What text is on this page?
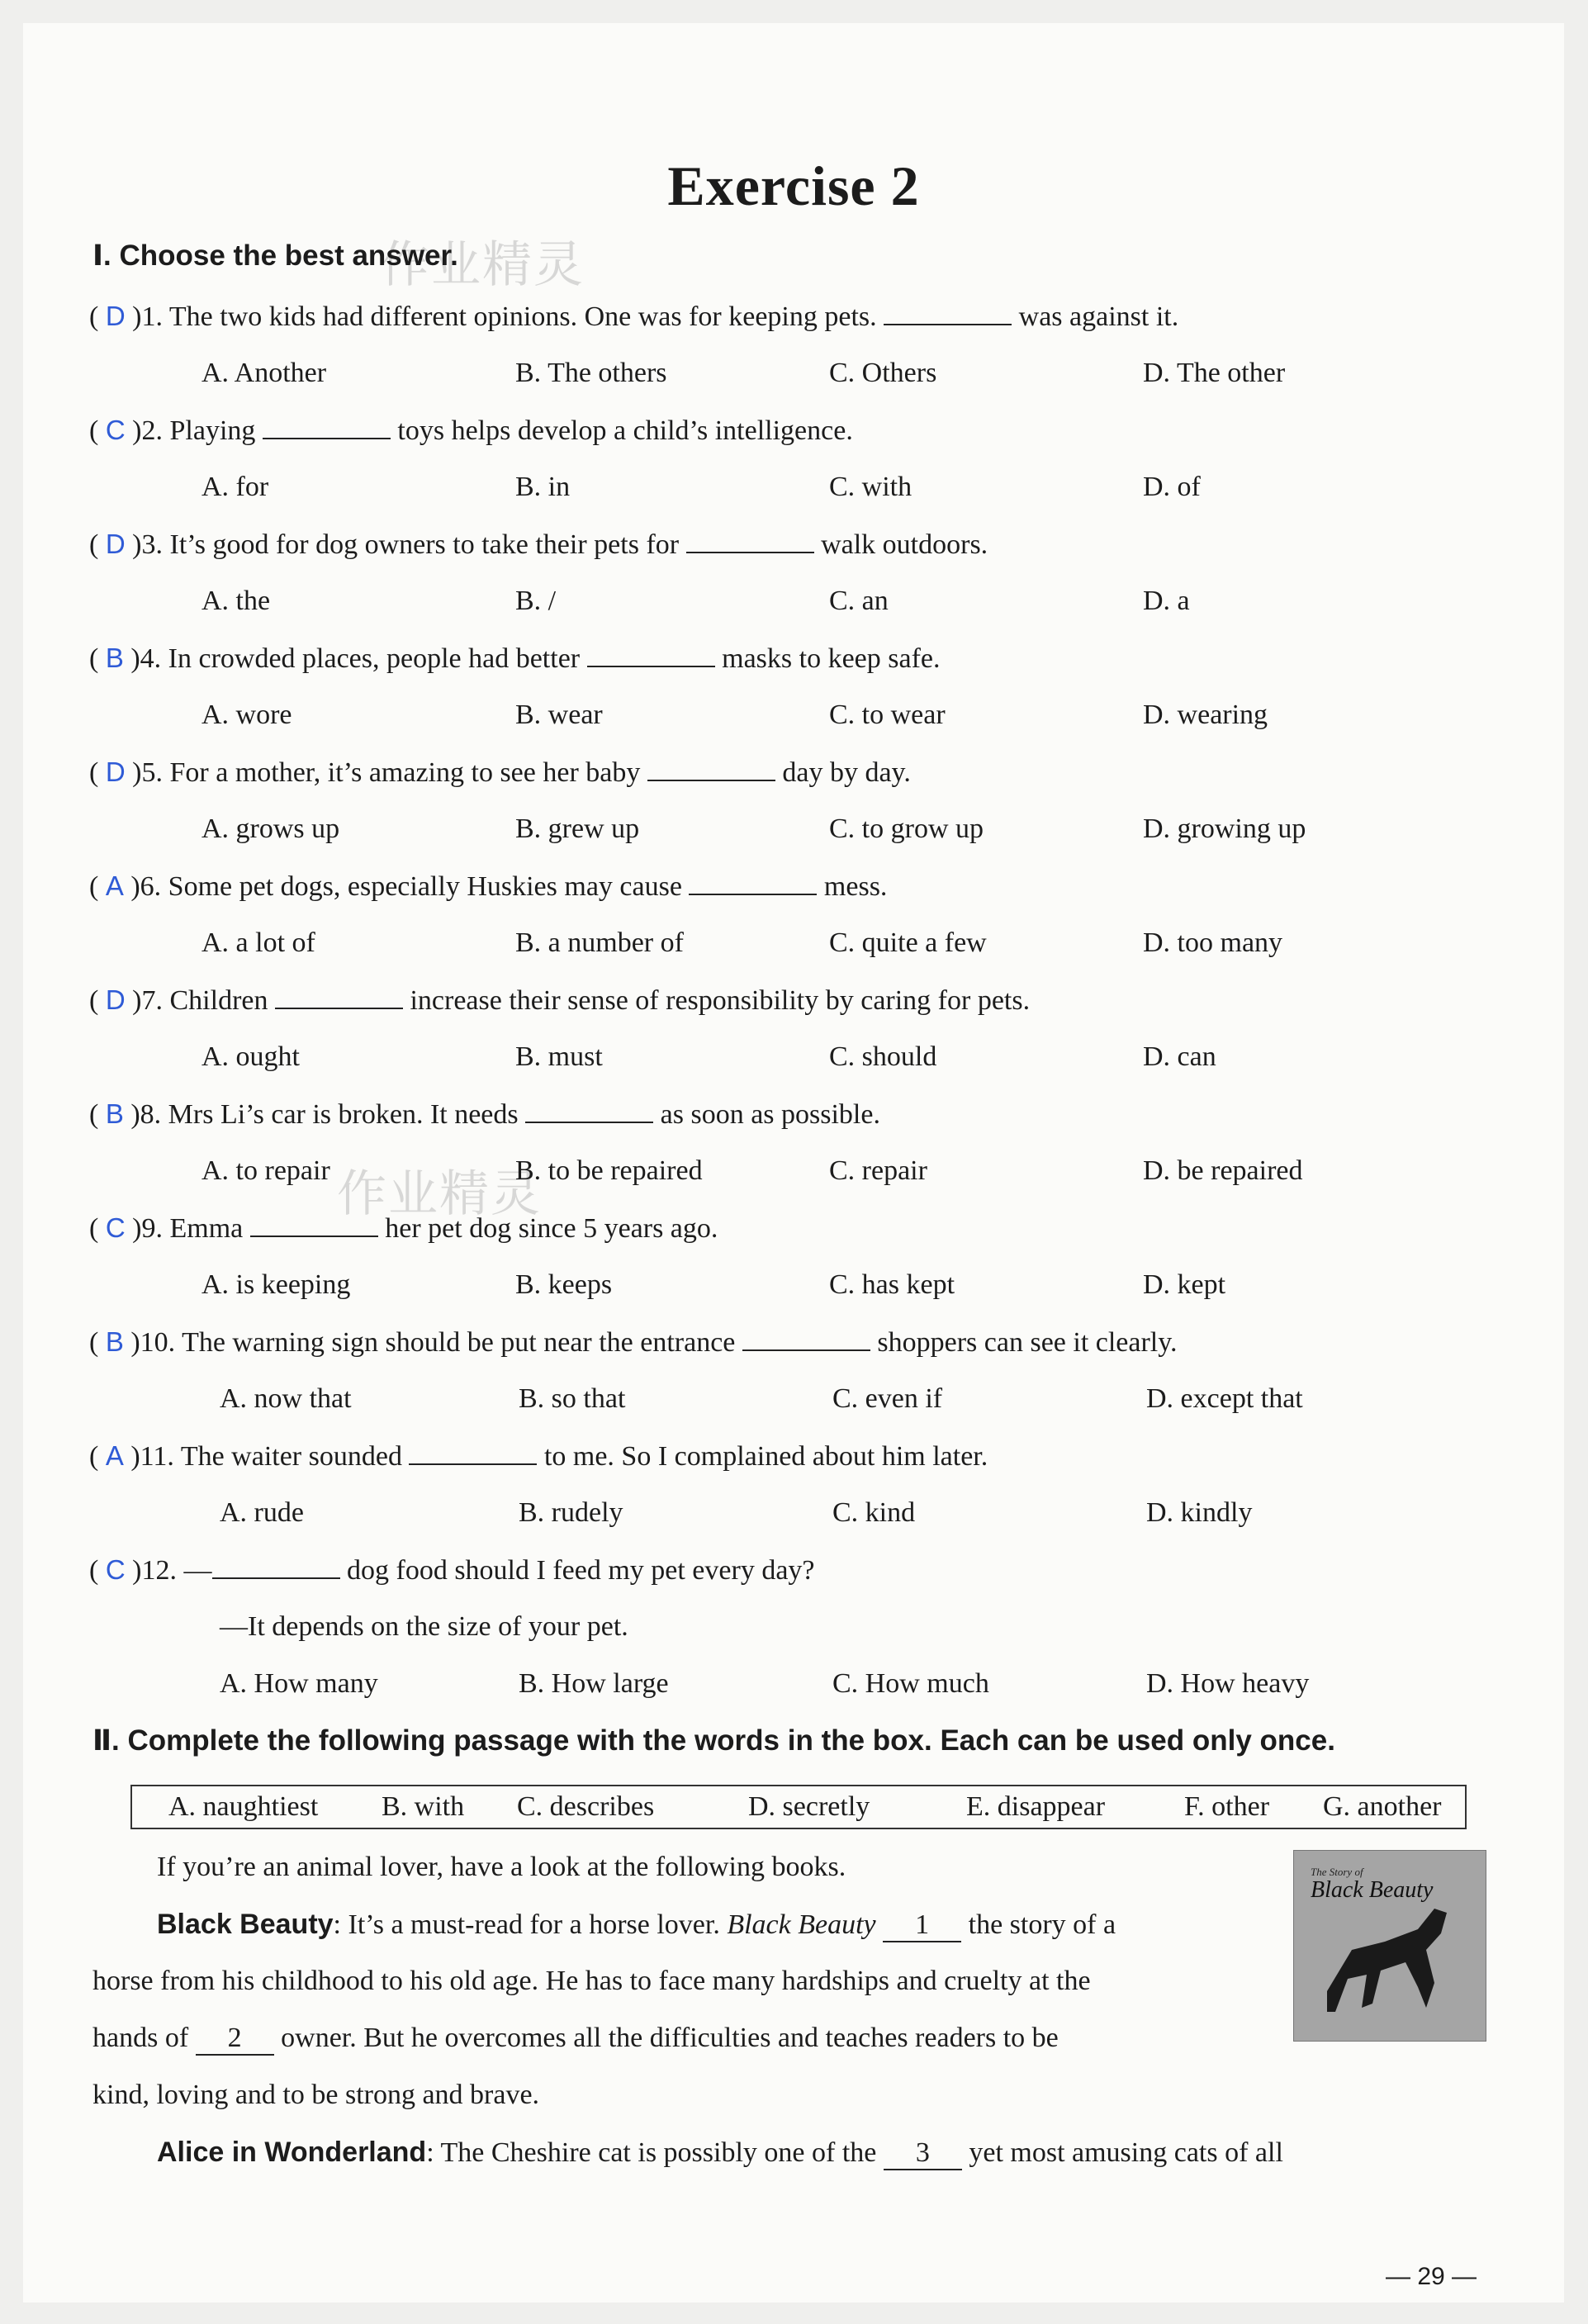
Exercise 2
作业精灵
作业精灵
Ⅰ. Choose the best answer.
( D )1. The two kids had different opinions. One was for keeping pets.	was against it.
A. Another	B. The others	C. Others	D. The other
( C )2. Playing	toys helps develop a child’s intelligence.
A. for	B. in	C. with	D. of
( D )3. It’s good for dog owners to take their pets for	walk outdoors.
A. the	B. /	C. an	D. a
( B )4. In crowded places, people had better	masks to keep safe.
A. wore	B. wear	C. to wear	D. wearing
( D )5. For a mother, it’s amazing to see her baby	day by day.
A. grows up	B. grew up	C. to grow up	D. growing up
( A )6. Some pet dogs, especially Huskies may cause	mess.
A. a lot of	B. a number of	C. quite a few	D. too many
( D )7. Children	increase their sense of responsibility by caring for pets.
A. ought	B. must	C. should	D. can
( B )8. Mrs Li’s car is broken. It needs	as soon as possible.
A. to repair	B. to be repaired	C. repair	D. be repaired
( C )9. Emma	her pet dog since 5 years ago.
A. is keeping	B. keeps	C. has kept	D. kept
( B )10. The warning sign should be put near the entrance	shoppers can see it clearly.
A. now that	B. so that	C. even if	D. except that
( A )11. The waiter sounded	to me. So I complained about him later.
A. rude	B. rudely	C. kind	D. kindly
( C )12. —	dog food should I feed my pet every day?
—It depends on the size of your pet.
A. How many	B. How large	C. How much	D. How heavy
Ⅱ. Complete the following passage with the words in the box. Each can be used only once.
A. naughtiest B. with C. describes	D. secretly	E. disappear	F. other G. another
If you’re an animal lover, have a look at the following books.	The Story of
Black Beauty
Black Beauty: It’s a must-read for a horse lover. Black Beauty 1 the story of a
horse from his childhood to his old age. He has to face many hardships and cruelty at the
hands of 2 owner. But he overcomes all the difficulties and teaches readers to be
kind, loving and to be strong and brave.
Alice in Wonderland: The Cheshire cat is possibly one of the 3 yet most amusing cats of all
— 29 —
